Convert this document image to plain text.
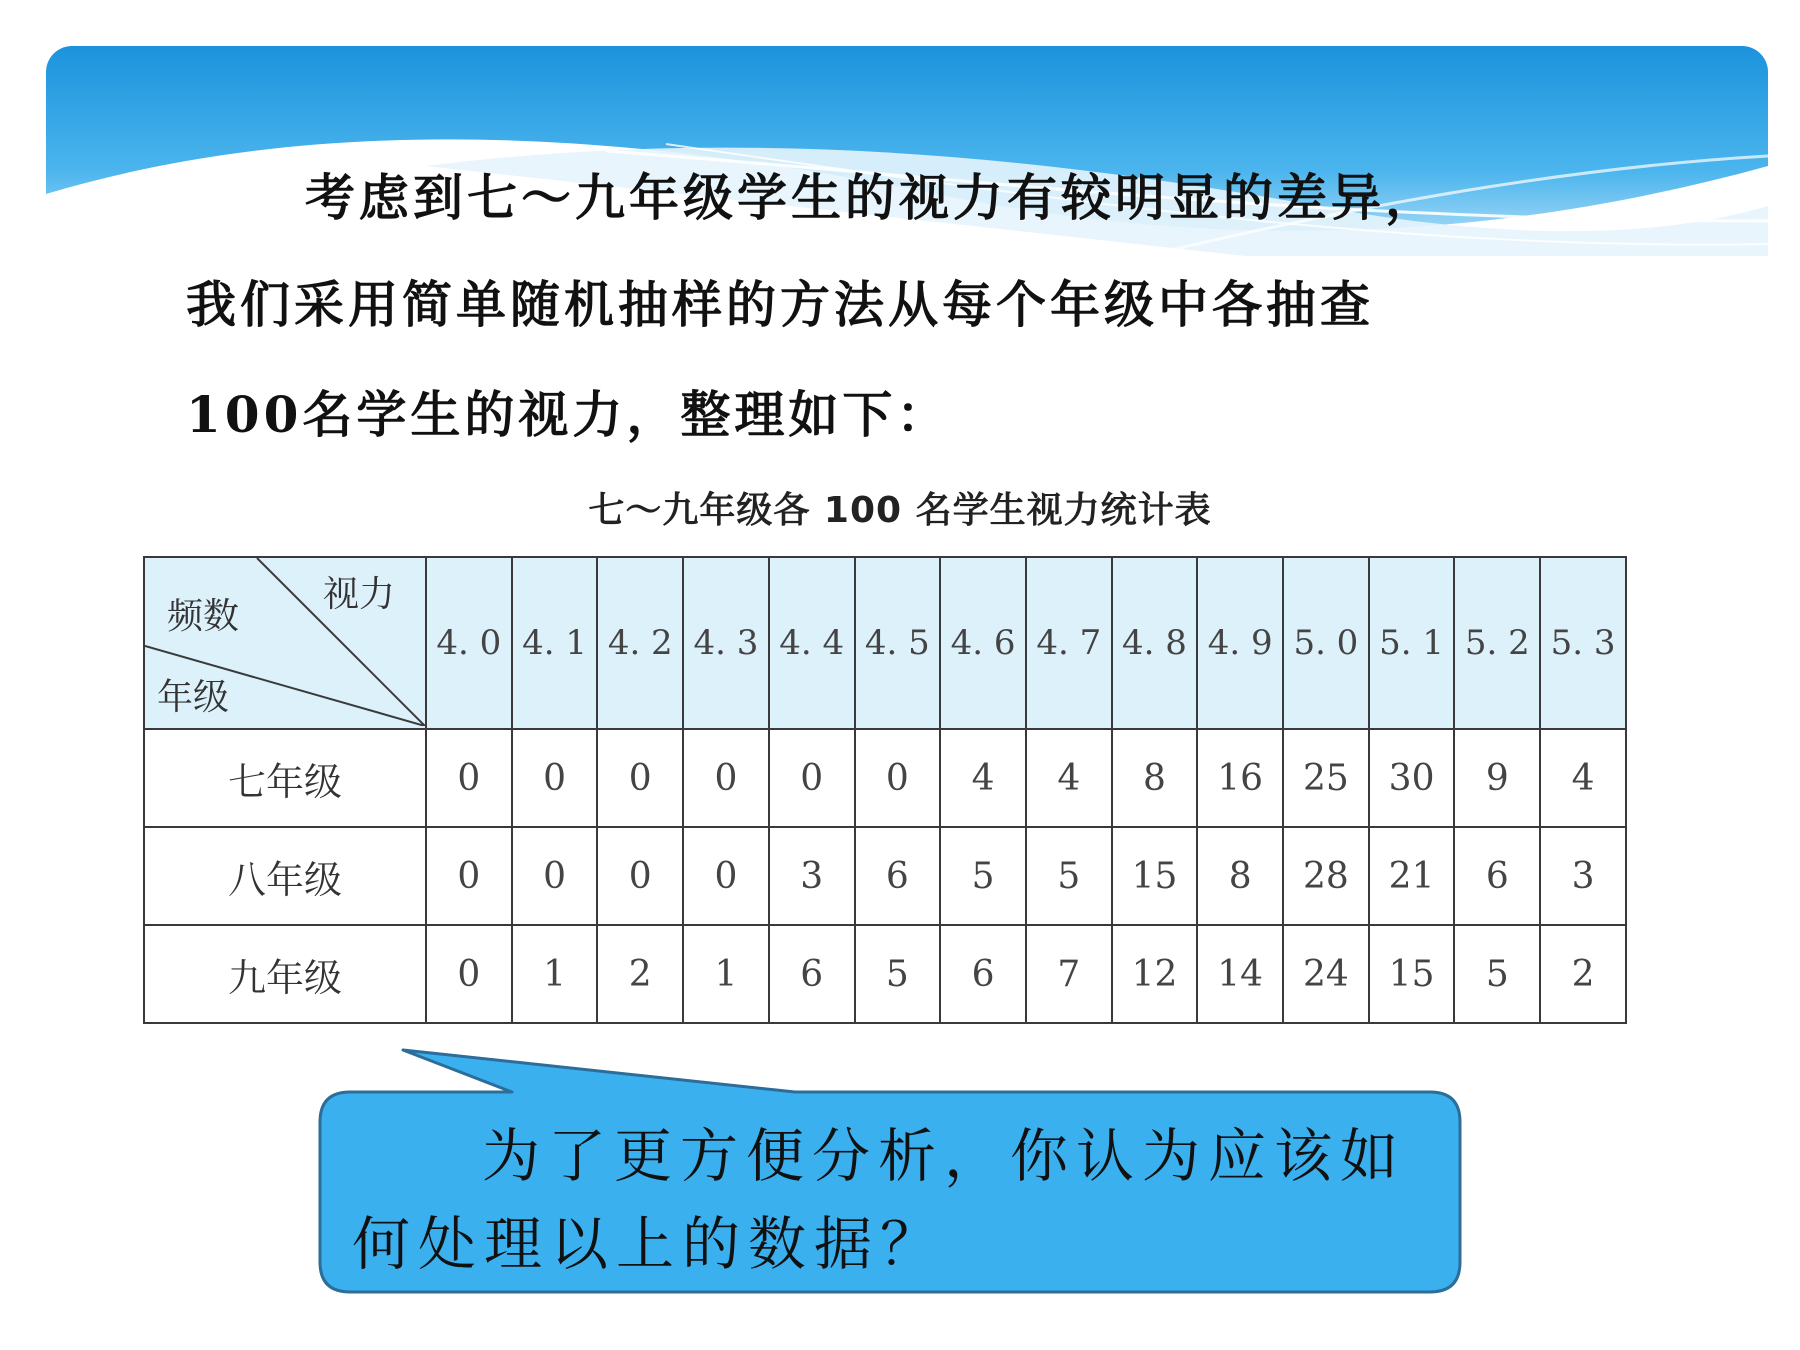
考虑到七～九年级学生的视力有较明显的差异，

我们采用简单随机抽样的方法从每个年级中各抽查

100名学生的视力，整理如下：

七～九年级各 100 名学生视力统计表
视力
频数
年级	4. 0	4. 1	4. 2	4. 3	4. 4	4. 5	4. 6	4. 7	4. 8	4. 9	5. 0	5. 1	5. 2	5. 3
七年级	0	0	0	0	0	0	4	4	8	16	25	30	9	4
八年级	0	0	0	0	3	6	5	5	15	8	28	21	6	3
九年级	0	1	2	1	6	5	6	7	12	14	24	15	5	2

为了更方便分析，你认为应该如何处理以上的数据？
